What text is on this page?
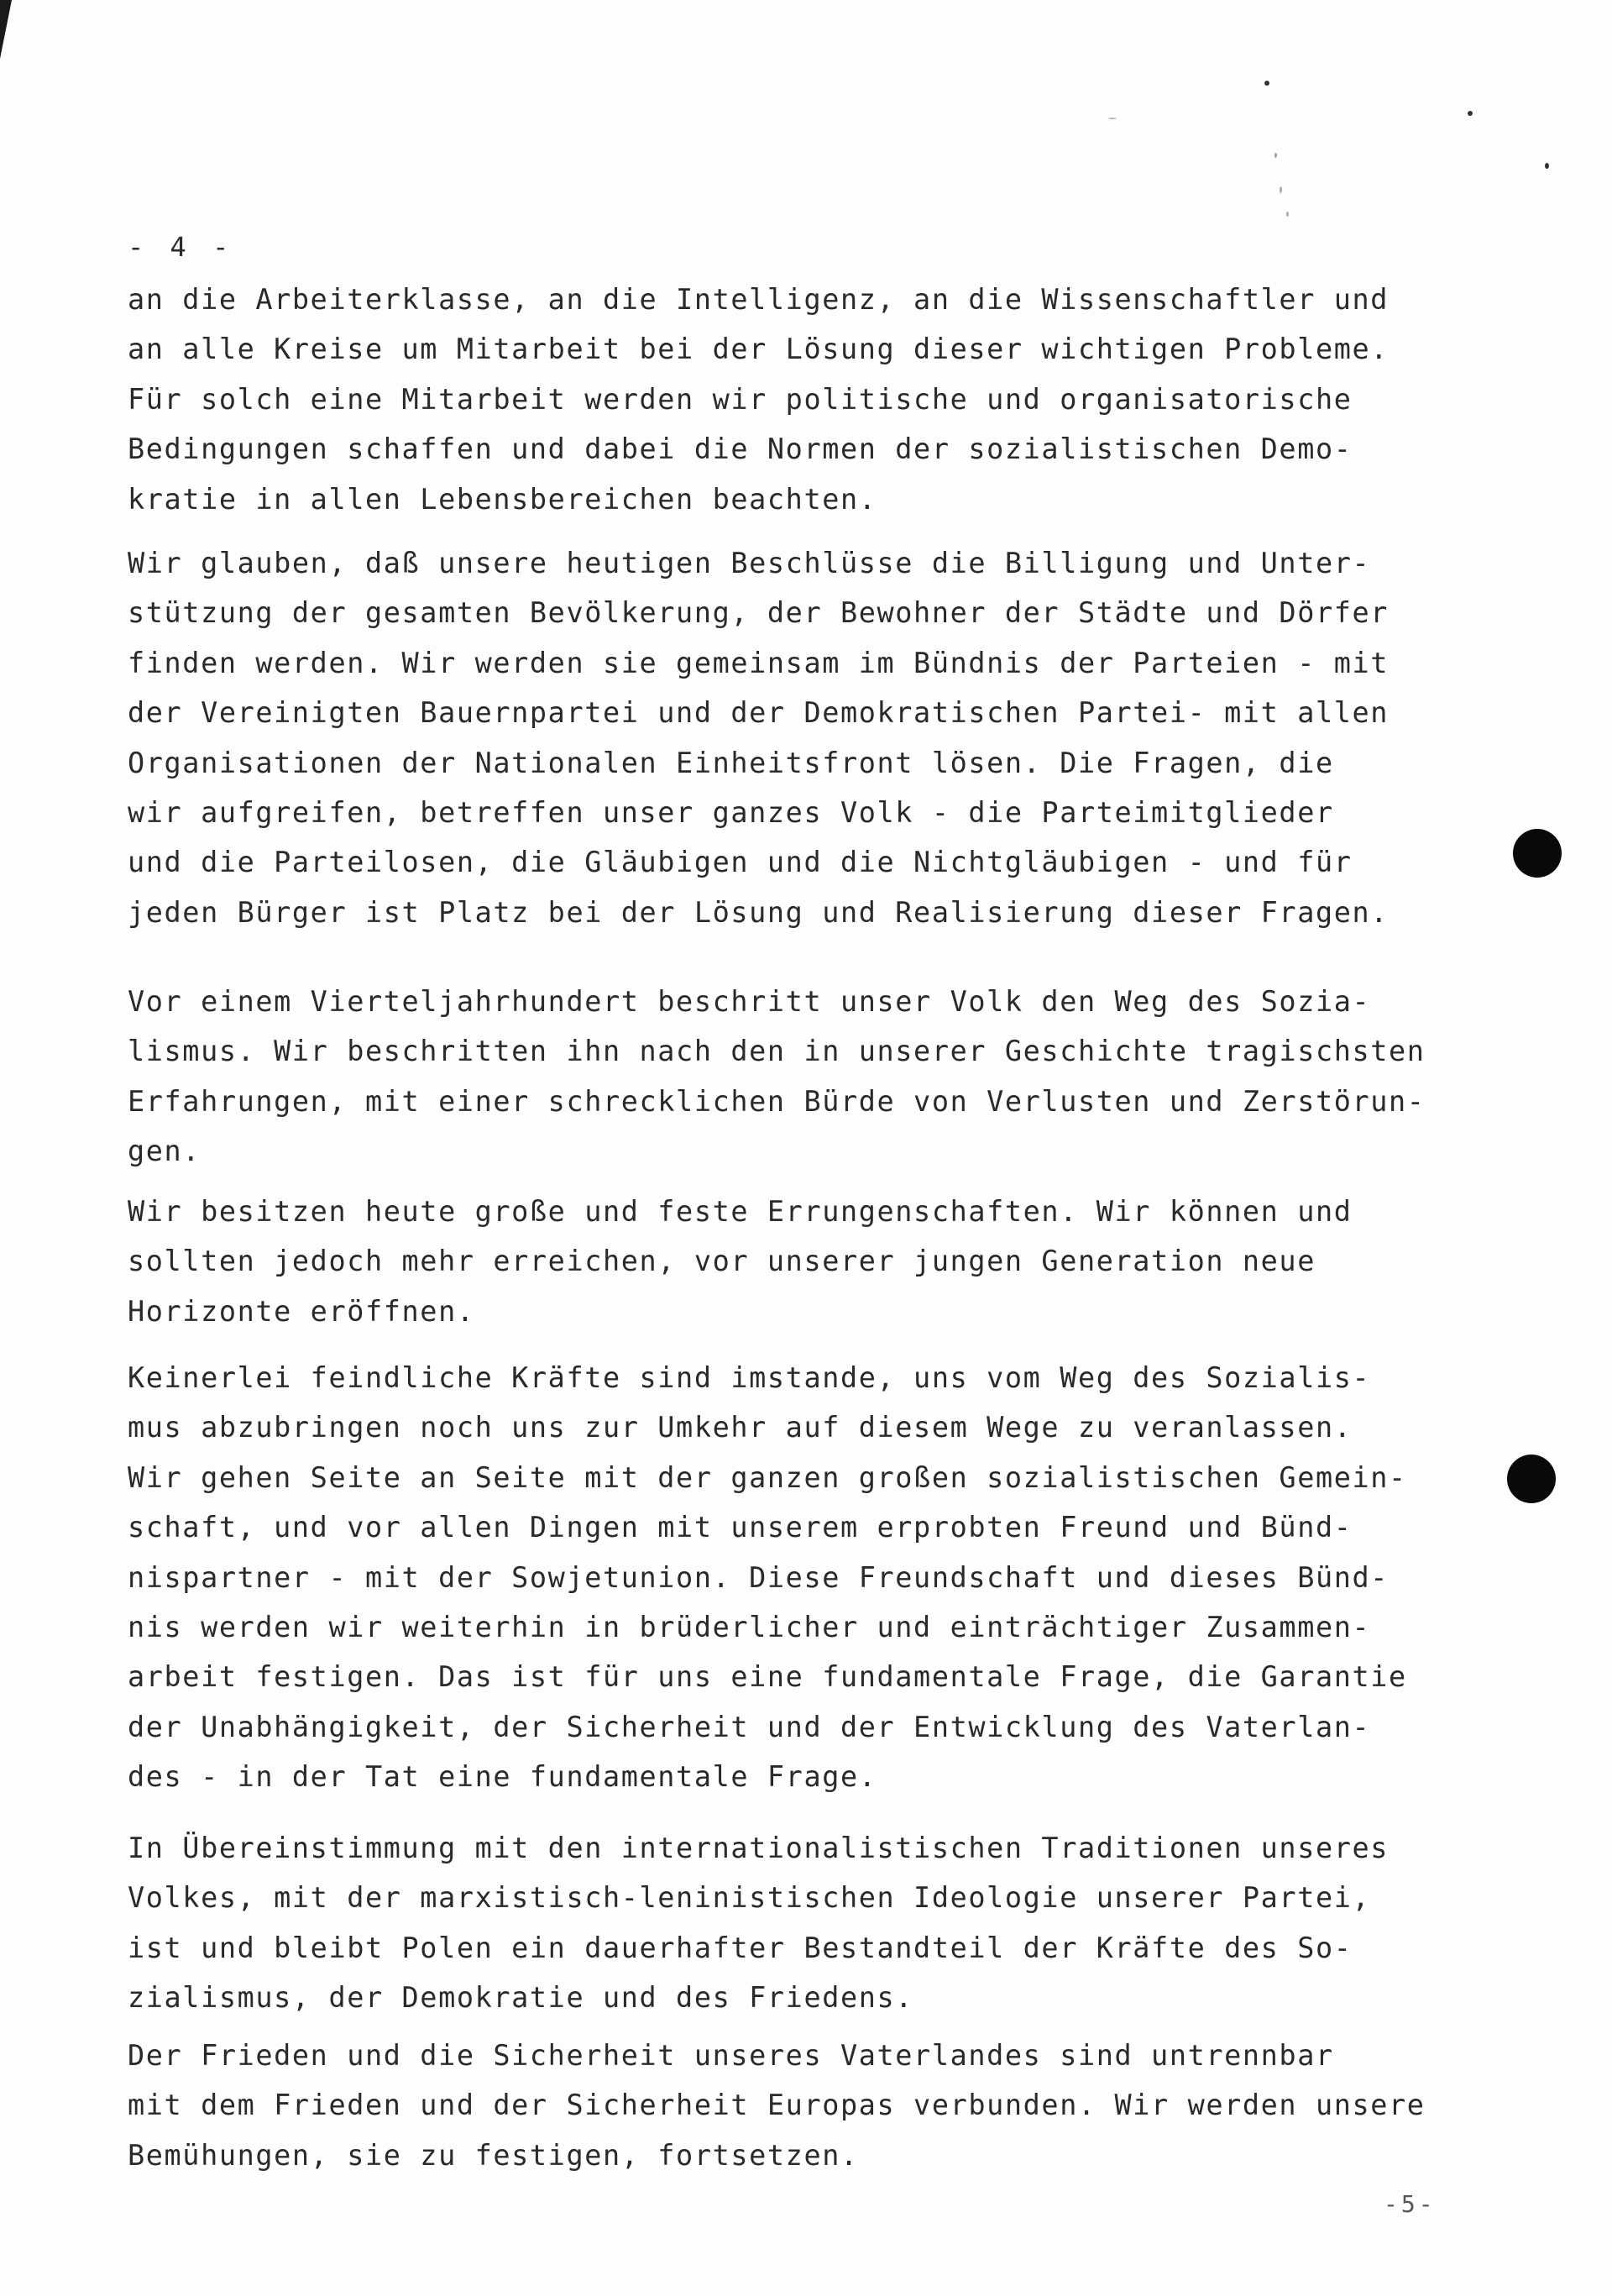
- 4 -
an die Arbeiterklasse, an die Intelligenz, an die Wissenschaftler und
an alle Kreise um Mitarbeit bei der Lösung dieser wichtigen Probleme.
Für solch eine Mitarbeit werden wir politische und organisatorische
Bedingungen schaffen und dabei die Normen der sozialistischen Demo-
kratie in allen Lebensbereichen beachten.
Wir glauben, daß unsere heutigen Beschlüsse die Billigung und Unter-
stützung der gesamten Bevölkerung, der Bewohner der Städte und Dörfer
finden werden. Wir werden sie gemeinsam im Bündnis der Parteien - mit
der Vereinigten Bauernpartei und der Demokratischen Partei- mit allen
Organisationen der Nationalen Einheitsfront lösen. Die Fragen, die
wir aufgreifen, betreffen unser ganzes Volk - die Parteimitglieder
und die Parteilosen, die Gläubigen und die Nichtgläubigen - und für
jeden Bürger ist Platz bei der Lösung und Realisierung dieser Fragen.
Vor einem Vierteljahrhundert beschritt unser Volk den Weg des Sozia-
lismus. Wir beschritten ihn nach den in unserer Geschichte tragischsten
Erfahrungen, mit einer schrecklichen Bürde von Verlusten und Zerstörun-
gen.
Wir besitzen heute große und feste Errungenschaften. Wir können und
sollten jedoch mehr erreichen, vor unserer jungen Generation neue
Horizonte eröffnen.
Keinerlei feindliche Kräfte sind imstande, uns vom Weg des Sozialis-
mus abzubringen noch uns zur Umkehr auf diesem Wege zu veranlassen.
Wir gehen Seite an Seite mit der ganzen großen sozialistischen Gemein-
schaft, und vor allen Dingen mit unserem erprobten Freund und Bünd-
nispartner - mit der Sowjetunion. Diese Freundschaft und dieses Bünd-
nis werden wir weiterhin in brüderlicher und einträchtiger Zusammen-
arbeit festigen. Das ist für uns eine fundamentale Frage, die Garantie
der Unabhängigkeit, der Sicherheit und der Entwicklung des Vaterlan-
des - in der Tat eine fundamentale Frage.
In Übereinstimmung mit den internationalistischen Traditionen unseres
Volkes, mit der marxistisch-leninistischen Ideologie unserer Partei,
ist und bleibt Polen ein dauerhafter Bestandteil der Kräfte des So-
zialismus, der Demokratie und des Friedens.
Der Frieden und die Sicherheit unseres Vaterlandes sind untrennbar
mit dem Frieden und der Sicherheit Europas verbunden. Wir werden unsere
Bemühungen, sie zu festigen, fortsetzen.
-5-
